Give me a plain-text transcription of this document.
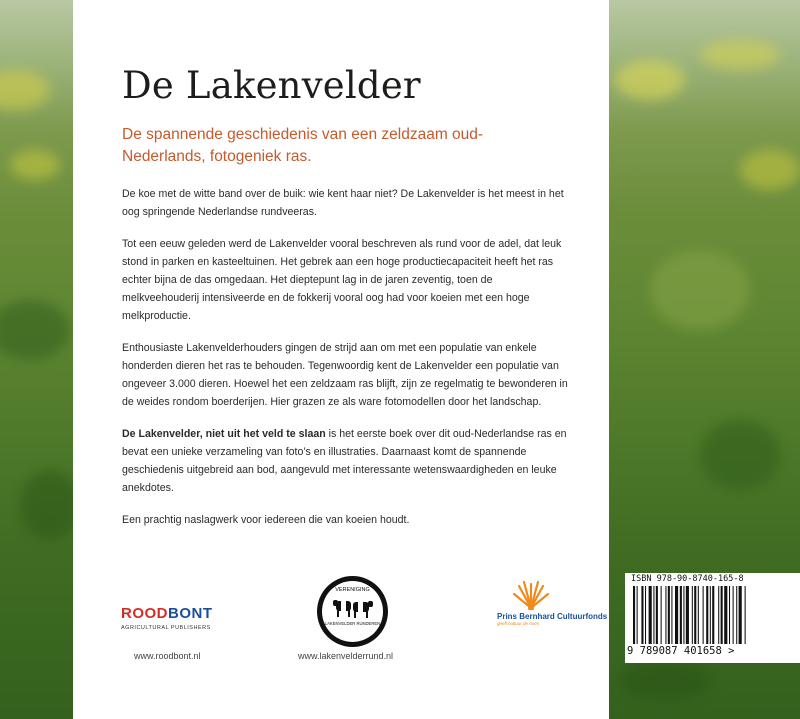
De Lakenvelder
De spannende geschiedenis van een zeldzaam oud-Nederlands, fotogeniek ras.

De koe met de witte band over de buik: wie kent haar niet? De Lakenvelder is het meest in het oog springende Nederlandse rundveeras.

Tot een eeuw geleden werd de Lakenvelder vooral beschreven als rund voor de adel, dat leuk stond in parken en kasteeltuinen. Het gebrek aan een hoge productiecapaciteit heeft het ras echter bijna de das omgedaan. Het dieptepunt lag in de jaren zeventig, toen de melkveehouderij intensiveerde en de fokkerij vooral oog had voor koeien met een hoge melkproductie.

Enthousiaste Lakenvelderhouders gingen de strijd aan om met een populatie van enkele honderden dieren het ras te behouden. Tegenwoordig kent de Lakenvelder een populatie van ongeveer 3.000 dieren. Hoewel het een zeldzaam ras blijft, zijn ze regelmatig te bewonderen in de weides rondom boerderijen. Hier grazen ze als ware fotomodellen door het landschap.

De Lakenvelder, niet uit het veld te slaan is het eerste boek over dit oud-Nederlandse ras en bevat een unieke verzameling van foto’s en illustraties. Daarnaast komt de spannende geschiedenis uitgebreid aan bod, aangevuld met interessante wetenswaardigheden en leuke anekdotes.

Een prachtig naslagwerk voor iedereen die van koeien houdt.

ROODBONT
AGRICULTURAL PUBLISHERS
VERENIGING
LAKENVELDER RUNDEREN
Prins Bernhard Cultuurfonds
geeft cultuur de hoes
www.roodbont.nl	www.lakenvelderrund.nl
ISBN 978-90-8740-165-8
9 789087 401658 >
